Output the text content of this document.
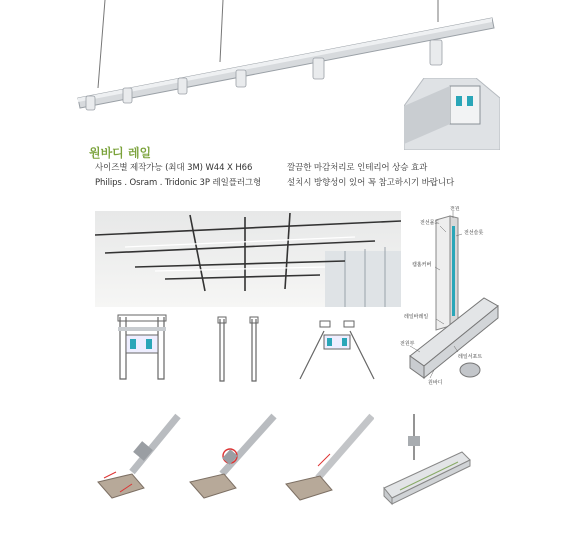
원바디 레일
사이즈별 제작가능 (최대 3M) W44 X H66
Philips . Osram . Tridonic 3P 레일플러그형
깔끔한 마감처리로 인테리어 상승 효과
설치시 방향성이 있어 꼭 참고하시기 바랍니다
전원
전선몰드
전선슬롯
캡홈커버
레일바레일
전원부
레일서포트
원바디
